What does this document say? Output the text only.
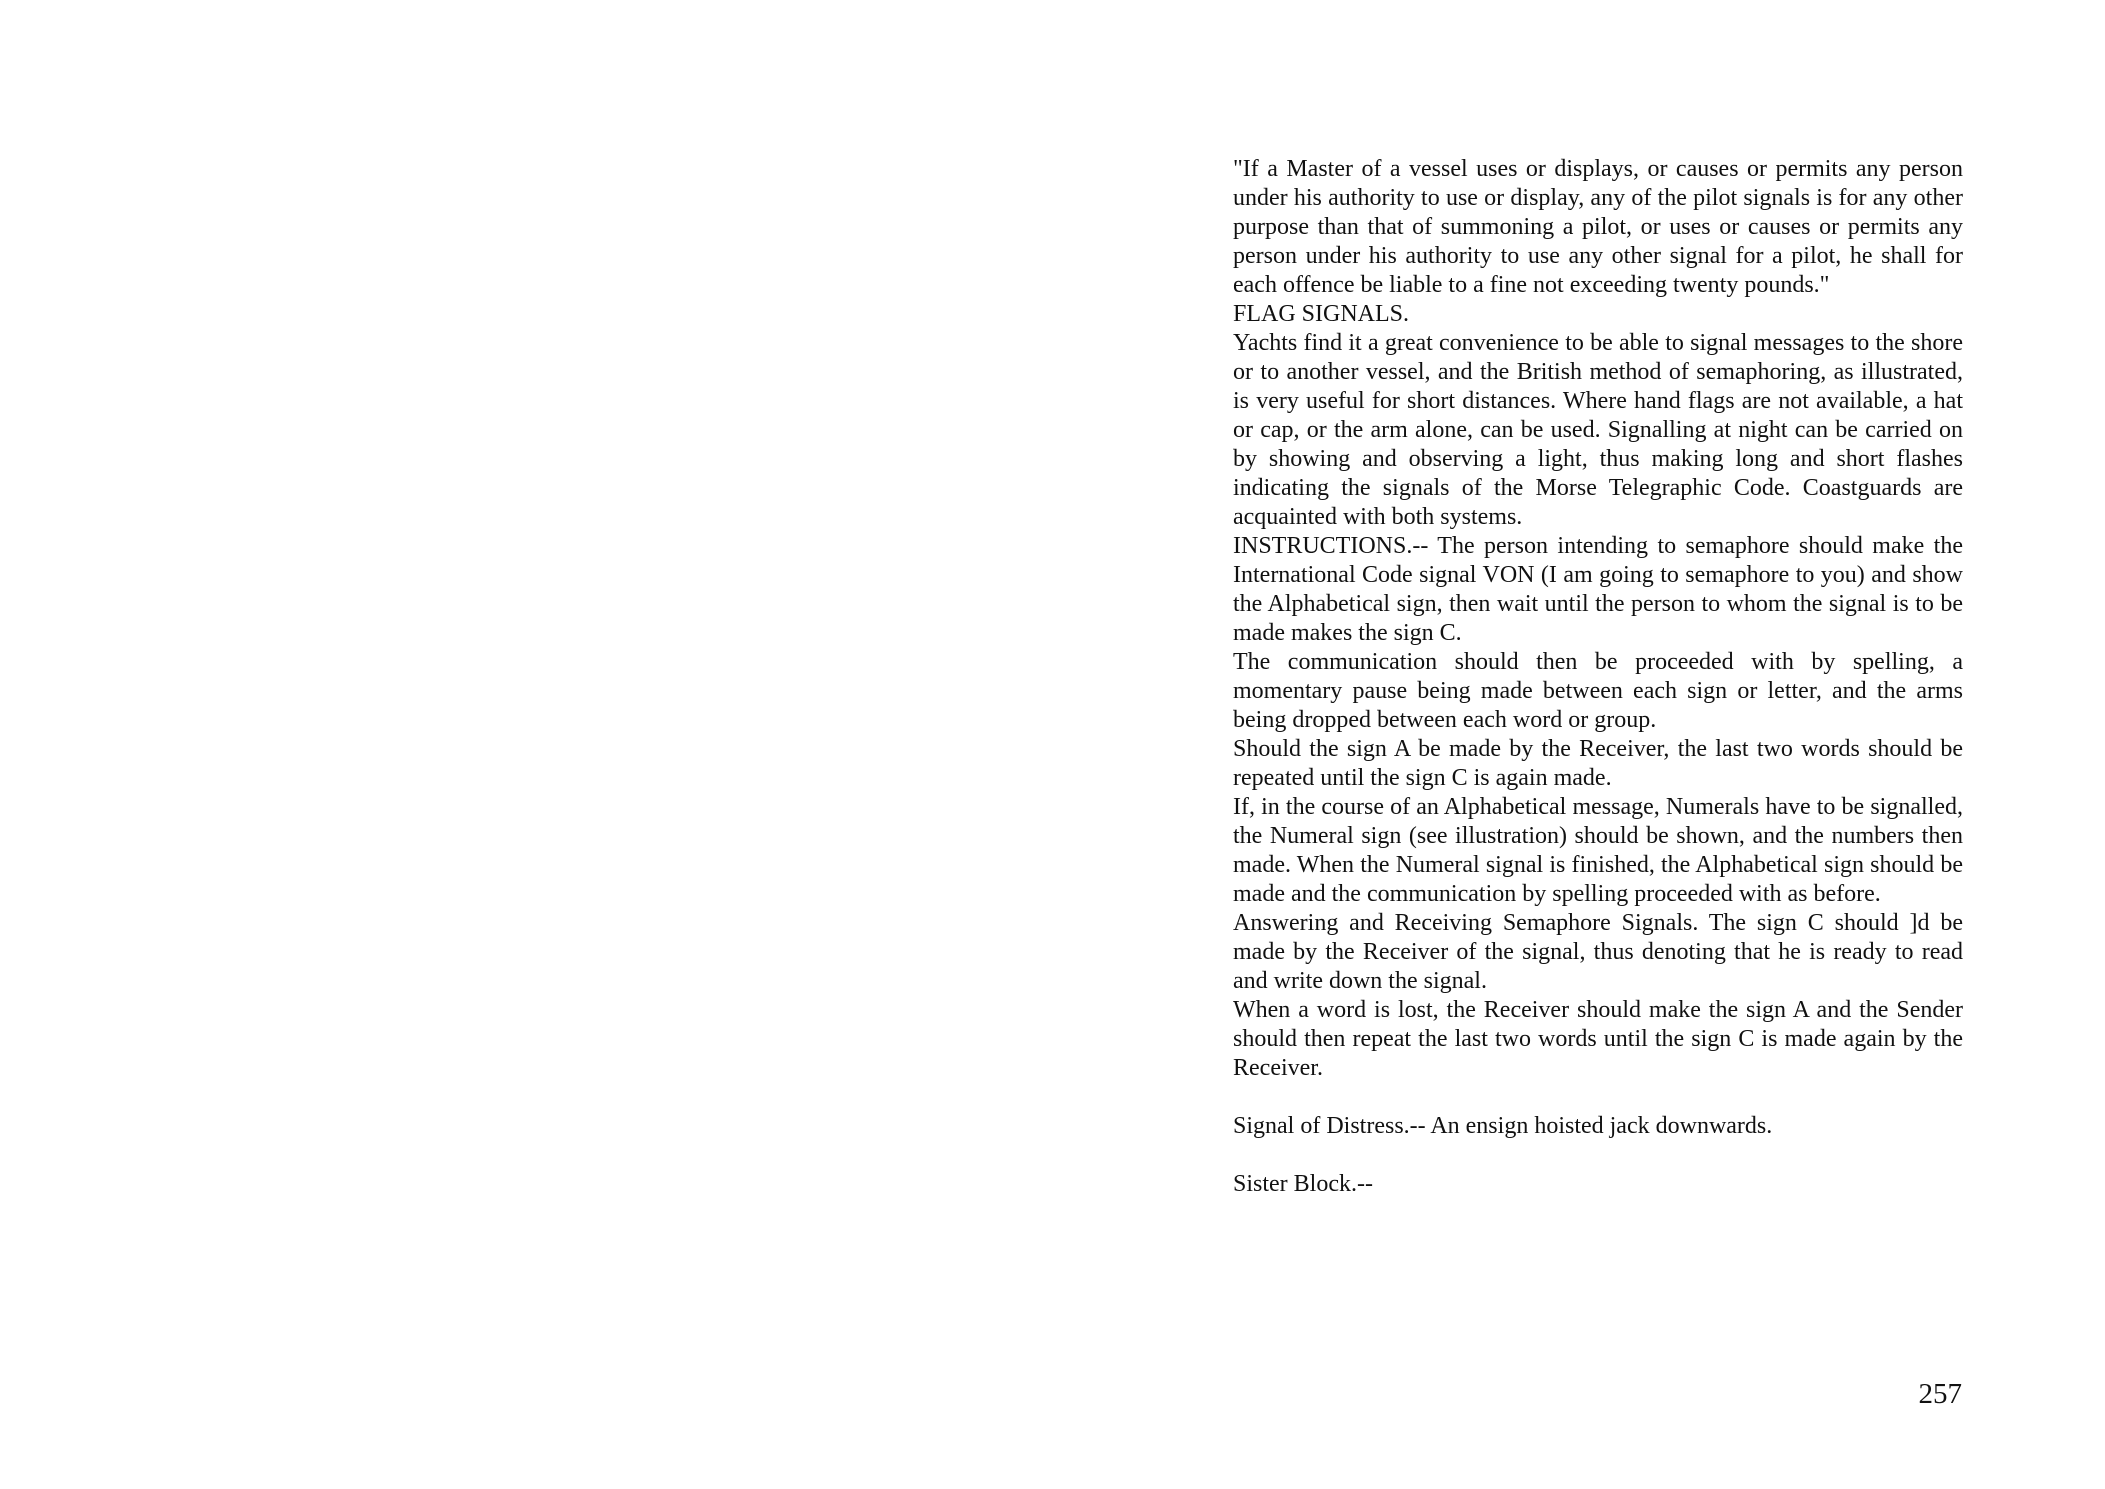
"If a Master of a vessel uses or displays, or causes or permits any person under his authority to use or display, any of the pilot signals is for any other purpose than that of summoning a pilot, or uses or causes or permits any person under his authority to use any other signal for a pilot, he shall for each offence be liable to a fine not exceeding twenty pounds."

FLAG SIGNALS.

Yachts find it a great convenience to be able to signal messages to the shore or to another vessel, and the British method of semaphoring, as illustrated, is very useful for short distances. Where hand flags are not available, a hat or cap, or the arm alone, can be used. Signalling at night can be carried on by showing and observing a light, thus making long and short flashes indicating the signals of the Morse Telegraphic Code. Coastguards are acquainted with both systems.

INSTRUCTIONS.-- The person intending to semaphore should make the International Code signal VON (I am going to semaphore to you) and show the Alphabetical sign, then wait until the person to whom the signal is to be made makes the sign C.

The communication should then be proceeded with by spelling, a momentary pause being made between each sign or letter, and the arms being dropped between each word or group.

Should the sign A be made by the Receiver, the last two words should be repeated until the sign C is again made.

If, in the course of an Alphabetical message, Numerals have to be signalled, the Numeral sign (see illustration) should be shown, and the numbers then made. When the Numeral signal is finished, the Alphabetical sign should be made and the communication by spelling proceeded with as before.

Answering and Receiving Semaphore Signals. The sign C should ]d be made by the Receiver of the signal, thus denoting that he is ready to read and write down the signal.

When a word is lost, the Receiver should make the sign A and the Sender should then repeat the last two words until the sign C is made again by the Receiver.

Signal of Distress.-- An ensign hoisted jack downwards.

Sister Block.--

257
